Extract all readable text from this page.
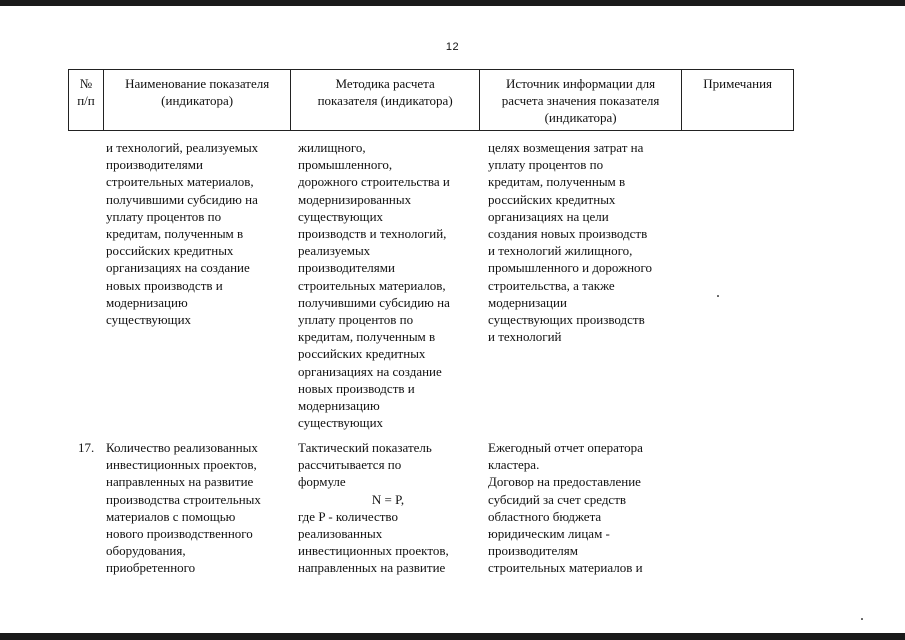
12
№
п/п
Наименование показателя
(индикатора)
Методика расчета
показателя (индикатора)
Источник информации для
расчета значения показателя
(индикатора)
Примечания
и технологий, реализуемых
производителями
строительных материалов,
получившими субсидию на
уплату процентов по
кредитам, полученным в
российских кредитных
организациях на создание
новых производств и
модернизацию
существующих
жилищного,
промышленного,
дорожного строительства и
модернизированных
существующих
производств и технологий,
реализуемых
производителями
строительных материалов,
получившими субсидию на
уплату процентов по
кредитам, полученным в
российских кредитных
организациях на создание
новых производств и
модернизацию
существующих
целях возмещения затрат на
уплату процентов по
кредитам, полученным в
российских кредитных
организациях на цели
создания новых производств
и технологий жилищного,
промышленного и дорожного
строительства, а также
модернизации
существующих производств
и технологий
17. Количество реализованных
инвестиционных проектов,
направленных на развитие
производства строительных
материалов с помощью
нового производственного
оборудования,
приобретенного
Тактический показатель
рассчитывается по
формуле
N = P,
где P - количество
реализованных
инвестиционных проектов,
направленных на развитие
Ежегодный отчет оператора
кластера.
Договор на предоставление
субсидий за счет средств
областного бюджета
юридическим лицам -
производителям
строительных материалов и
